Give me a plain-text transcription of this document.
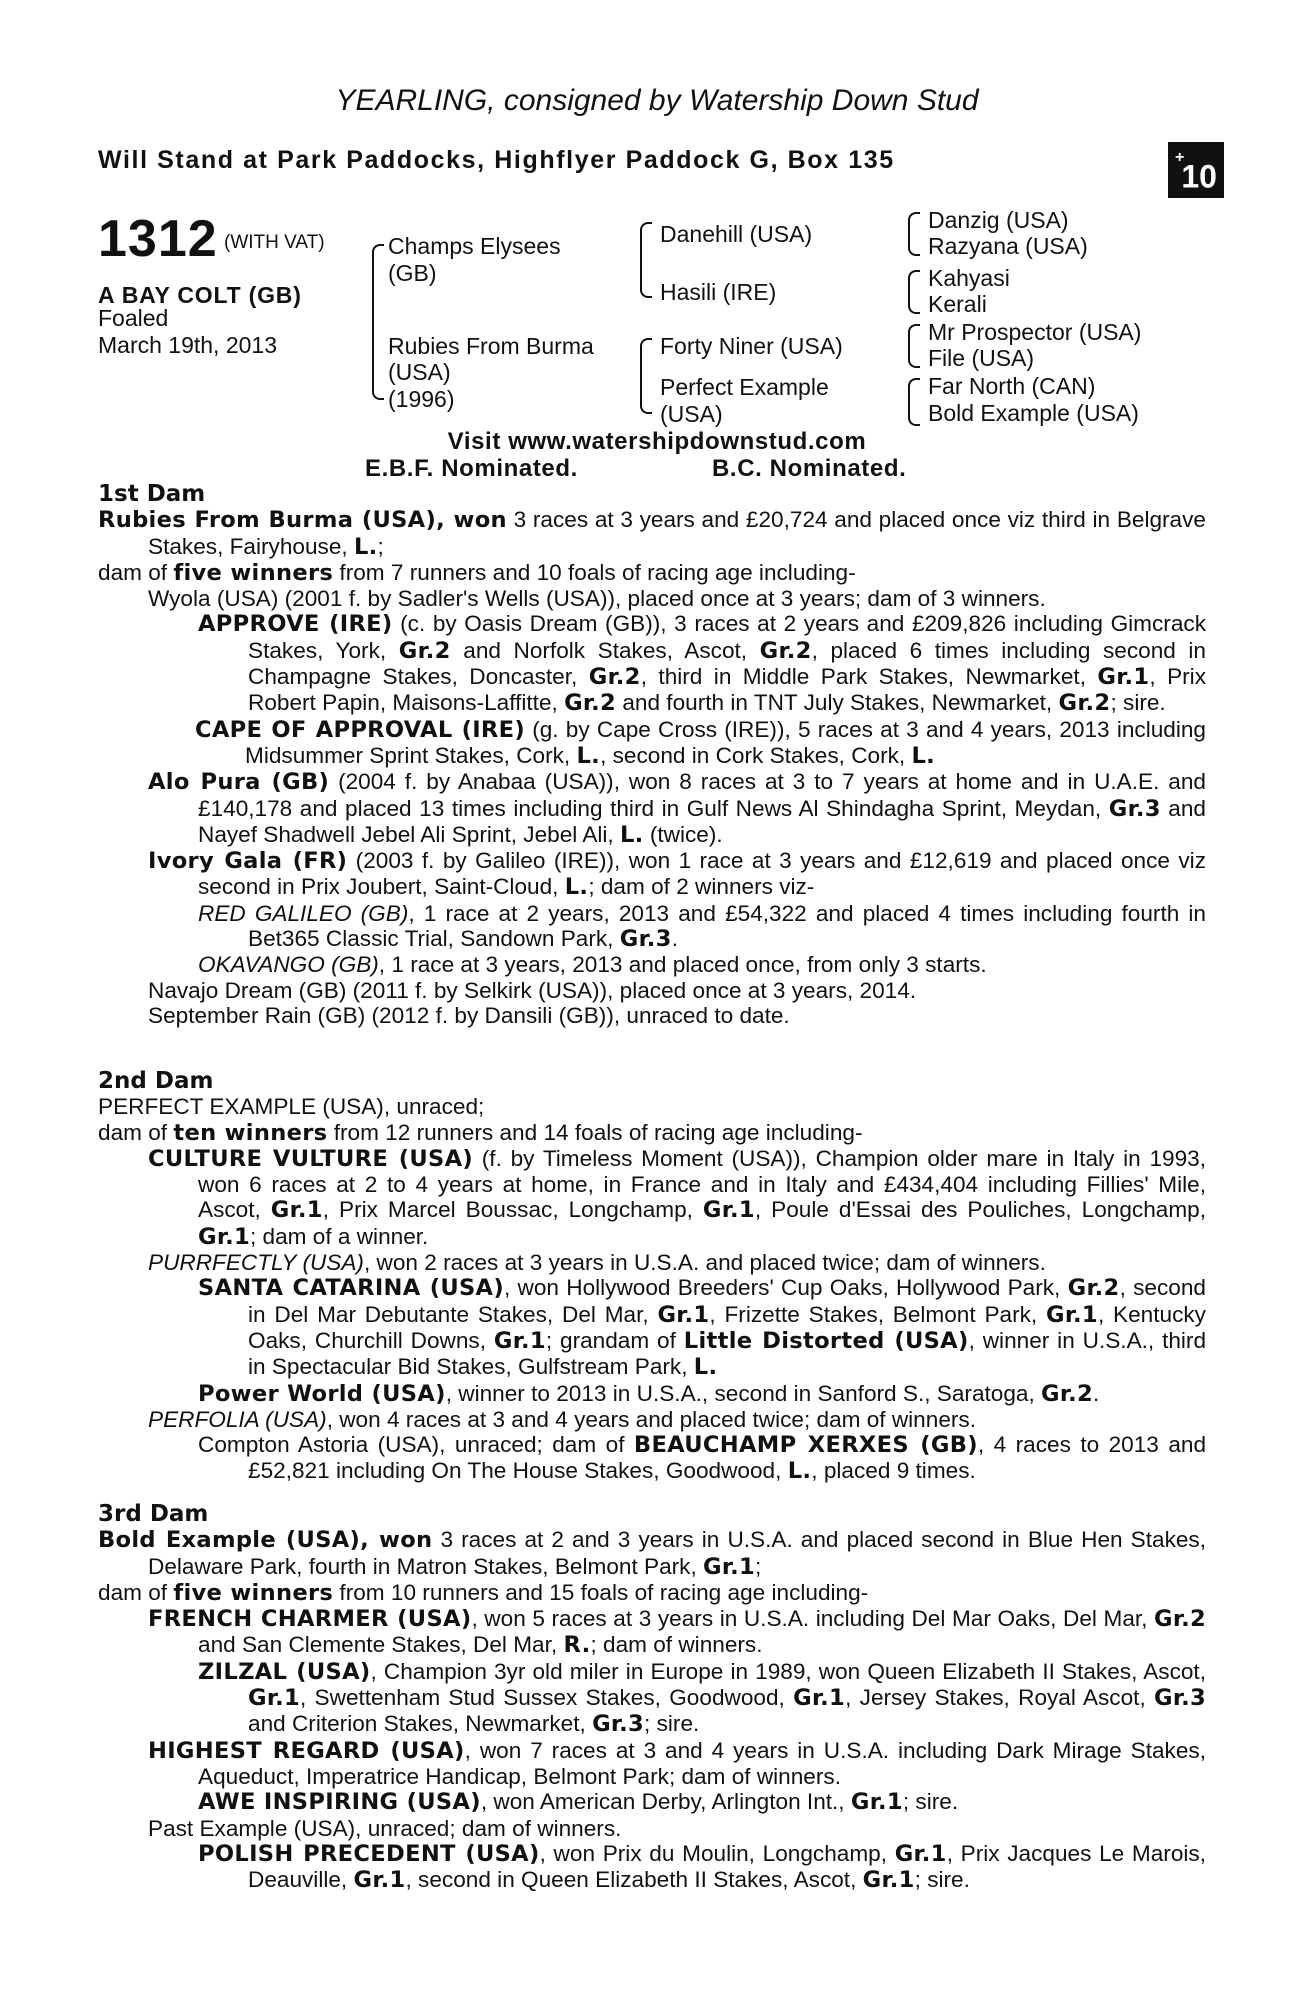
YEARLING, consigned by Watership Down Stud
Will Stand at Park Paddocks, Highflyer Paddock G, Box 135	+10
1312 (WITH VAT)
A BAY COLT (GB)
Foaled
March 19th, 2013
Champs Elysees
(GB)
Rubies From Burma
(USA)
(1996)
Danehill (USA)
Hasili (IRE)
Forty Niner (USA)
Perfect Example
(USA)
Danzig (USA)
Razyana (USA)
Kahyasi
Kerali
Mr Prospector (USA)
File (USA)
Far North (CAN)
Bold Example (USA)
Visit www.watershipdownstud.com
E.B.F. Nominated.	B.C. Nominated.

1st Dam

Rubies From Burma (USA), won 3 races at 3 years and £20,724 and placed once viz third in Belgrave Stakes, Fairyhouse, L.;

dam of five winners from 7 runners and 10 foals of racing age including-

Wyola (USA) (2001 f. by Sadler's Wells (USA)), placed once at 3 years; dam of 3 winners.

APPROVE (IRE) (c. by Oasis Dream (GB)), 3 races at 2 years and £209,826 including Gimcrack Stakes, York, Gr.2 and Norfolk Stakes, Ascot, Gr.2, placed 6 times including second in Champagne Stakes, Doncaster, Gr.2, third in Middle Park Stakes, Newmarket, Gr.1, Prix Robert Papin, Maisons-Laffitte, Gr.2 and fourth in TNT July Stakes, Newmarket, Gr.2; sire.

CAPE OF APPROVAL (IRE) (g. by Cape Cross (IRE)), 5 races at 3 and 4 years, 2013 including Midsummer Sprint Stakes, Cork, L., second in Cork Stakes, Cork, L.

Alo Pura (GB) (2004 f. by Anabaa (USA)), won 8 races at 3 to 7 years at home and in U.A.E. and £140,178 and placed 13 times including third in Gulf News Al Shindagha Sprint, Meydan, Gr.3 and Nayef Shadwell Jebel Ali Sprint, Jebel Ali, L. (twice).

Ivory Gala (FR) (2003 f. by Galileo (IRE)), won 1 race at 3 years and £12,619 and placed once viz second in Prix Joubert, Saint-Cloud, L.; dam of 2 winners viz-

RED GALILEO (GB), 1 race at 2 years, 2013 and £54,322 and placed 4 times including fourth in Bet365 Classic Trial, Sandown Park, Gr.3.

OKAVANGO (GB), 1 race at 3 years, 2013 and placed once, from only 3 starts.

Navajo Dream (GB) (2011 f. by Selkirk (USA)), placed once at 3 years, 2014.

September Rain (GB) (2012 f. by Dansili (GB)), unraced to date.

2nd Dam

PERFECT EXAMPLE (USA), unraced;

dam of ten winners from 12 runners and 14 foals of racing age including-

CULTURE VULTURE (USA) (f. by Timeless Moment (USA)), Champion older mare in Italy in 1993, won 6 races at 2 to 4 years at home, in France and in Italy and £434,404 including Fillies' Mile, Ascot, Gr.1, Prix Marcel Boussac, Longchamp, Gr.1, Poule d'Essai des Pouliches, Longchamp, Gr.1; dam of a winner.

PURRFECTLY (USA), won 2 races at 3 years in U.S.A. and placed twice; dam of winners.

SANTA CATARINA (USA), won Hollywood Breeders' Cup Oaks, Hollywood Park, Gr.2, second in Del Mar Debutante Stakes, Del Mar, Gr.1, Frizette Stakes, Belmont Park, Gr.1, Kentucky Oaks, Churchill Downs, Gr.1; grandam of Little Distorted (USA), winner in U.S.A., third in Spectacular Bid Stakes, Gulfstream Park, L.

Power World (USA), winner to 2013 in U.S.A., second in Sanford S., Saratoga, Gr.2.

PERFOLIA (USA), won 4 races at 3 and 4 years and placed twice; dam of winners.

Compton Astoria (USA), unraced; dam of BEAUCHAMP XERXES (GB), 4 races to 2013 and £52,821 including On The House Stakes, Goodwood, L., placed 9 times.

3rd Dam

Bold Example (USA), won 3 races at 2 and 3 years in U.S.A. and placed second in Blue Hen Stakes, Delaware Park, fourth in Matron Stakes, Belmont Park, Gr.1;

dam of five winners from 10 runners and 15 foals of racing age including-

FRENCH CHARMER (USA), won 5 races at 3 years in U.S.A. including Del Mar Oaks, Del Mar, Gr.2 and San Clemente Stakes, Del Mar, R.; dam of winners.

ZILZAL (USA), Champion 3yr old miler in Europe in 1989, won Queen Elizabeth II Stakes, Ascot, Gr.1, Swettenham Stud Sussex Stakes, Goodwood, Gr.1, Jersey Stakes, Royal Ascot, Gr.3 and Criterion Stakes, Newmarket, Gr.3; sire.

HIGHEST REGARD (USA), won 7 races at 3 and 4 years in U.S.A. including Dark Mirage Stakes, Aqueduct, Imperatrice Handicap, Belmont Park; dam of winners.

AWE INSPIRING (USA), won American Derby, Arlington Int., Gr.1; sire.

Past Example (USA), unraced; dam of winners.

POLISH PRECEDENT (USA), won Prix du Moulin, Longchamp, Gr.1, Prix Jacques Le Marois, Deauville, Gr.1, second in Queen Elizabeth II Stakes, Ascot, Gr.1; sire.
